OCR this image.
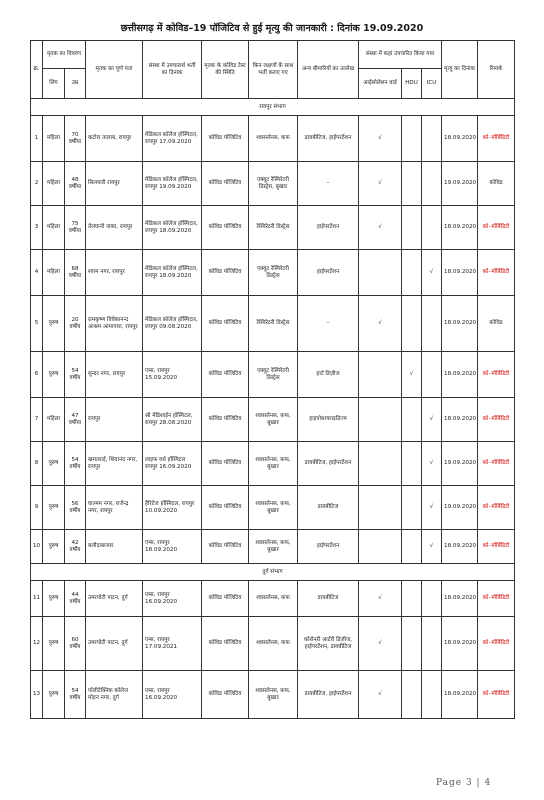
छत्तीसगढ़ में कोविड–19 पॉजिटिव से हुई मृत्यु की जानकारी : दिनांक 19.09.2020
क्र.	मृतक का विवरण		मृतक का पूर्ण पता	संस्था में उपचारार्थ भर्ती का दिनांक	मृतक के कोविड टेस्ट की स्थिति	किन लक्षणों के साथ भर्ती कराए गए	अन्य बीमारियों का उल्लेख	संस्था में कहां उपचारित किया गया			मृत्यु का दिनांक	रिमार्क
	लिंग	उम्र						आईसोलेशन वार्ड	HDU	ICU		
रायपुर संभाग												
1	महिला	70 वर्षीया	कटोरा तालाब, रायपुर	मेडिकल कॉलेज हॉस्पिटल, रायपुर 17.09.2020	कोविड पॉजिटिव	श्वासलेनस, कफ	डायबीटिज, हाईपरटेंशन	√			18.09.2020	को–मॉर्बिडिटी
2	महिला	48 वर्षीया	सिलयारी रायपुर	मेडिकल कॉलेज हॉस्पिटल, रायपुर 19.09.2020	कोविड पॉजिटिव	एक्यूट रेस्पिरेटरी डिस्ट्रेस, बुखार	–	√			19.09.2020	कोविड
3	महिला	75 वर्षीया	तेलघानी नाका, रायपुर	मेडिकल कॉलेज हॉस्पिटल, रायपुर 18.09.2020	कोविड पॉजिटिव	रेस्पिरेटरी डिस्ट्रेस	हाईपरटेंशन	√			18.09.2020	को–मॉर्बिडिटी
4	महिला	68 वर्षीया	श्याम नगर, रायपुर	मेडिकल कॉलेज हॉस्पिटल, रायपुर 18.09.2020	कोविड पॉजिटिव	एक्यूट रेस्पिरेटरी डिस्ट्रेस	हाईपरटेंशन			√	18.09.2020	को–मॉर्बिडिटी
5	पुरुष	20 वर्षीय	रामकृष्ण विवेकानन्द आश्रम आमापारा, रायपुर	मेडिकल कॉलेज हॉस्पिटल, रायपुर 09.08.2020	कोविड पॉजिटिव	रेस्पिरेटरी डिस्ट्रेस	–	√			18.09.2020	कोविड
6	पुरुष	54 वर्षीय	सुन्दर नगर, रायपुर	एम्स, रायपुर 15.09.2020	कोविड पॉजिटिव	एक्यूट रेस्पिरेटरी डिस्ट्रेस	हार्ट डिज़ीज		√		18.09.2020	को–मॉर्बिडिटी
7	महिला	47 वर्षीया	रायपुर	श्री मेडिशाईन हॉस्पिटल, रायपुर 28.08.2020	कोविड पॉजिटिव	श्वासलेनस, कफ, बुखार	हाइपोथायराइडिज्म			√	18.09.2020	को–मॉर्बिडिटी
8	पुरुष	54 वर्षीय	खमतराई, शिवानंद नगर, रायपुर	लाइफ वर्थ हॉस्पिटल रायपुर 16.09.2020	कोविड पॉजिटिव	श्वासलेनस, कफ, बुखार	डायबीटिज, हाईपरटेंशन			√	19.09.2020	को–मॉर्बिडिटी
9	पुरुष	56 वर्षीय	वाल्मम नगर, राजेन्द्र नगर, रायपुर	हैरिटेज हॉस्पिटल, रायपुर 10.09.2020	कोविड पॉजिटिव	श्वासलेनस, कफ, बुखार	डायबीटिज			√	19.09.2020	को–मॉर्बिडिटी
10	पुरुष	42 वर्षीय	बलौदाबाजार	एम्स, रायपुर 18.09.2020	कोविड पॉजिटिव	श्वासलेनस, कफ, बुखार	हाईपरटेंशन			√	18.09.2020	को–मॉर्बिडिटी
दुर्ग संभाग												
11	पुरुष	44 वर्षीय	उमरपोटी पाटन, दुर्ग	एम्स, रायपुर 16.09.2020	कोविड पॉजिटिव	श्वासलेनस, कफ	डायबीटिज	√			18.09.2020	को–मॉर्बिडिटी
12	पुरुष	60 वर्षीय	उमरपोटी पाटन, दुर्ग	एम्स, रायपुर 17.09.2021	कोविड पॉजिटिव	श्वासलेनस, कफ	कोरोनरी आर्टरी डिज़ीज, हाईपरटेंशन, डायबीटिज	√			18.09.2020	को–मॉर्बिडिटी
13	पुरुष	54 वर्षीय	पॉलीटेक्निक कॉलेज मोहन नगर, दुर्ग	एम्स, रायपुर 16.09.2020	कोविड पॉजिटिव	श्वासलेनस, कफ, बुखार	डायबीटिज, हाईपरटेंशन	√			18.09.2020	को–मॉर्बिडिटी
Page 3 | 4
